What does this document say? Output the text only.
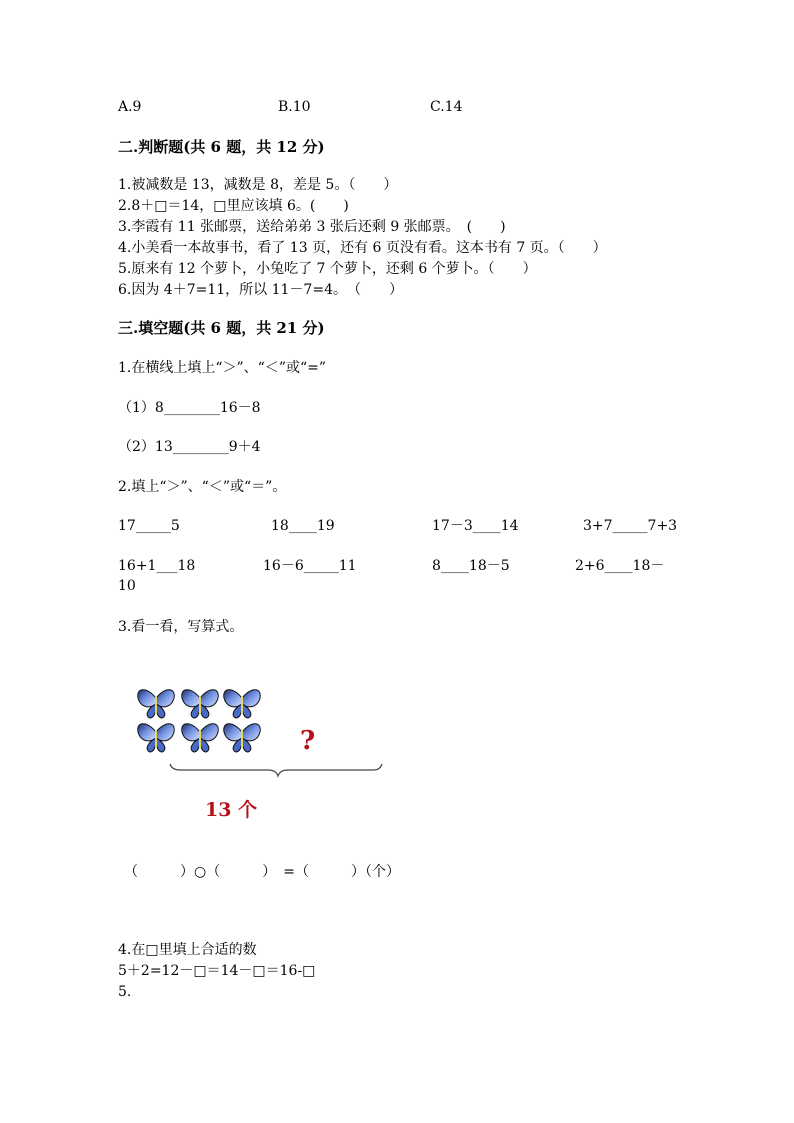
A.9	B.10	C.14
二.判断题(共 6 题，共 12 分)
1.被减数是 13，减数是 8，差是 5。（　　）
2.8＋□＝14，□里应该填 6。(　　)
3.李霞有 11 张邮票，送给弟弟 3 张后还剩 9 张邮票。　(　　)
4.小美看一本故事书，看了 13 页，还有 6 页没有看。这本书有 7 页。（　　）
5.原来有 12 个萝卜，小兔吃了 7 个萝卜，还剩 6 个萝卜。（　　）
6.因为 4＋7=11，所以 11－7=4。　（　　）
三.填空题(共 6 题，共 21 分)
1.在横线上填上“＞”、“＜”或“=”
（1）8________16－8
（2）13________9＋4
2.填上“＞”、“＜”或“＝”。
17_____5	18____19	17－3____14	3+7_____7+3
16+1___18	16－6_____11	8____18－5	2+6____18－
10
3.看一看，写算式。
?
13 个
（　　　）○（　　　）　=（　　　）（个）
4.在□里填上合适的数
5＋2=12－□＝14－□＝16-□
5.
